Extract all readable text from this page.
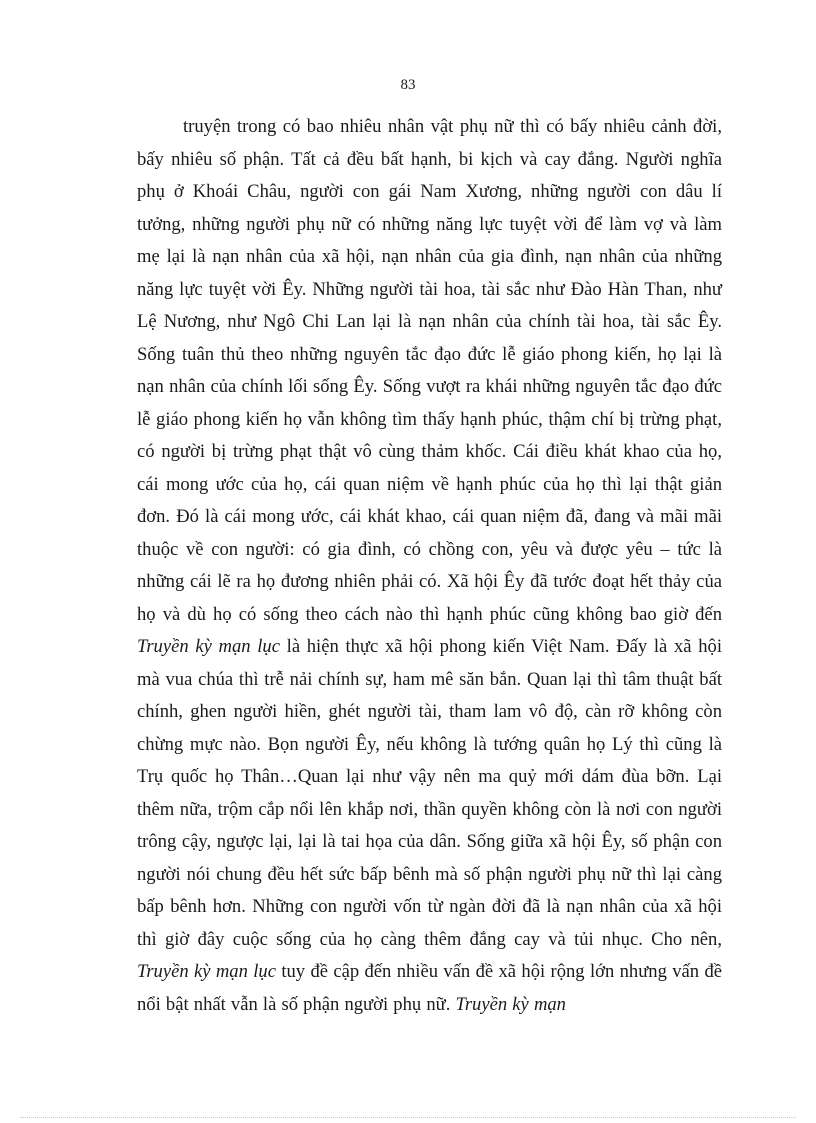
83

truyện trong có bao nhiêu nhân vật phụ nữ thì có bấy nhiêu cảnh đời, bấy nhiêu số phận. Tất cả đều bất hạnh, bi kịch và cay đắng. Người nghĩa phụ ở Khoái Châu, người con gái Nam Xương, những người con dâu lí tưởng, những người phụ nữ có những năng lực tuyệt vời để làm vợ và làm mẹ lại là nạn nhân của xã hội, nạn nhân của gia đình, nạn nhân của những năng lực tuyệt vời Êy. Những người tài hoa, tài sắc như Đào Hàn Than, như Lệ Nương, như Ngô Chi Lan lại là nạn nhân của chính tài hoa, tài sắc Êy. Sống tuân thủ theo những nguyên tắc đạo đức lễ giáo phong kiến, họ lại là nạn nhân của chính lối sống Êy. Sống vượt ra khái những nguyên tắc đạo đức lễ giáo phong kiến họ vẫn không tìm thấy hạnh phúc, thậm chí bị trừng phạt, có người bị trừng phạt thật vô cùng thảm khốc. Cái điều khát khao của họ, cái mong ước của họ, cái quan niệm về hạnh phúc của họ thì lại thật giản đơn. Đó là cái mong ước, cái khát khao, cái quan niệm đã, đang và mãi mãi thuộc về con người: có gia đình, có chồng con, yêu và được yêu – tức là những cái lẽ ra họ đương nhiên phải có. Xã hội Êy đã tước đoạt hết thảy của họ và dù họ có sống theo cách nào thì hạnh phúc cũng không bao giờ đến Truyền kỳ mạn lục là hiện thực xã hội phong kiến Việt Nam. Đấy là xã hội mà vua chúa thì trễ nải chính sự, ham mê săn bắn. Quan lại thì tâm thuật bất chính, ghen người hiền, ghét người tài, tham lam vô độ, càn rỡ không còn chừng mực nào. Bọn người Êy, nếu không là tướng quân họ Lý thì cũng là Trụ quốc họ Thân…Quan lại như vậy nên ma quỷ mới dám đùa bỡn. Lại thêm nữa, trộm cắp nổi lên khắp nơi, thần quyền không còn là nơi con người trông cậy, ngược lại, lại là tai họa của dân. Sống giữa xã hội Êy, số phận con người nói chung đều hết sức bấp bênh mà số phận người phụ nữ thì lại càng bấp bênh hơn. Những con người vốn từ ngàn đời đã là nạn nhân của xã hội thì giờ đây cuộc sống của họ càng thêm đắng cay và tủi nhục. Cho nên, Truyền kỳ mạn lục tuy đề cập đến nhiều vấn đề xã hội rộng lớn nhưng vấn đề nổi bật nhất vẫn là số phận người phụ nữ. Truyền kỳ mạn
